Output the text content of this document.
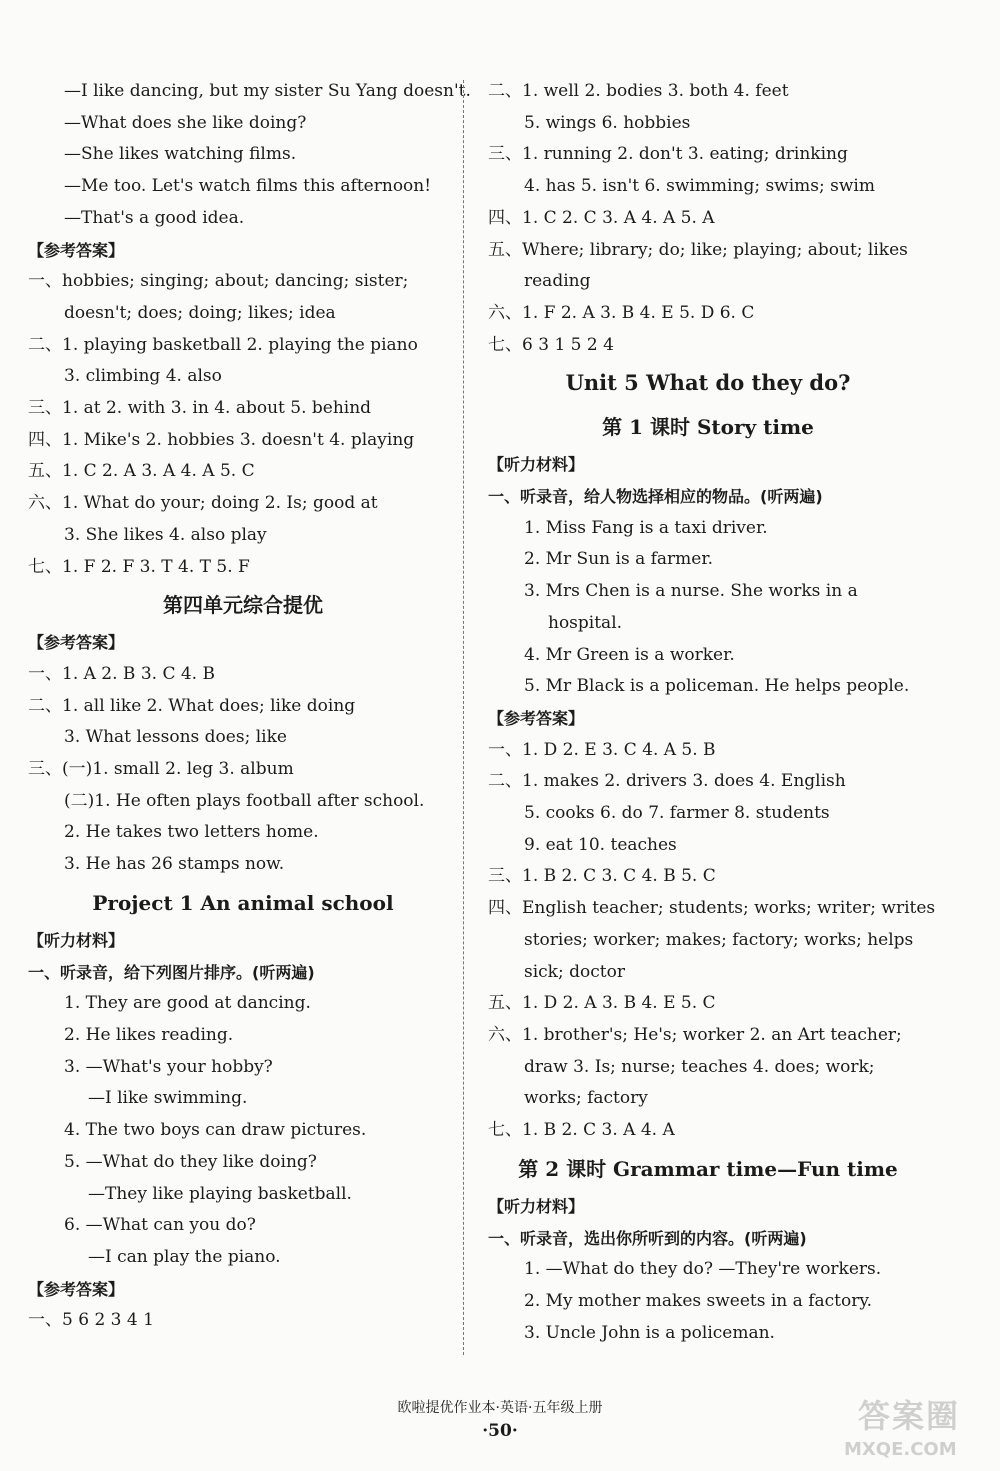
—I like dancing, but my sister Su Yang doesn't.
—What does she like doing?
—She likes watching films.
—Me too. Let's watch films this afternoon!
—That's a good idea.
【参考答案】
一、hobbies; singing; about; dancing; sister;
doesn't; does; doing; likes; idea
二、1. playing basketball 2. playing the piano
3. climbing 4. also
三、1. at 2. with 3. in 4. about 5. behind
四、1. Mike's 2. hobbies 3. doesn't 4. playing
五、1. C 2. A 3. A 4. A 5. C
六、1. What do your; doing 2. Is; good at
3. She likes 4. also play
七、1. F 2. F 3. T 4. T 5. F
第四单元综合提优
【参考答案】
一、1. A 2. B 3. C 4. B
二、1. all like 2. What does; like doing
3. What lessons does; like
三、(一)1. small 2. leg 3. album
(二)1. He often plays football after school.
2. He takes two letters home.
3. He has 26 stamps now.
Project 1 An animal school
【听力材料】
一、听录音，给下列图片排序。(听两遍)
1. They are good at dancing.
2. He likes reading.
3. —What's your hobby?
—I like swimming.
4. The two boys can draw pictures.
5. —What do they like doing?
—They like playing basketball.
6. —What can you do?
—I can play the piano.
【参考答案】
一、5 6 2 3 4 1
二、1. well 2. bodies 3. both 4. feet
5. wings 6. hobbies
三、1. running 2. don't 3. eating; drinking
4. has 5. isn't 6. swimming; swims; swim
四、1. C 2. C 3. A 4. A 5. A
五、Where; library; do; like; playing; about; likes
reading
六、1. F 2. A 3. B 4. E 5. D 6. C
七、6 3 1 5 2 4
Unit 5 What do they do?
第 1 课时 Story time
【听力材料】
一、听录音，给人物选择相应的物品。(听两遍)
1. Miss Fang is a taxi driver.
2. Mr Sun is a farmer.
3. Mrs Chen is a nurse. She works in a
hospital.
4. Mr Green is a worker.
5. Mr Black is a policeman. He helps people.
【参考答案】
一、1. D 2. E 3. C 4. A 5. B
二、1. makes 2. drivers 3. does 4. English
5. cooks 6. do 7. farmer 8. students
9. eat 10. teaches
三、1. B 2. C 3. C 4. B 5. C
四、English teacher; students; works; writer; writes
stories; worker; makes; factory; works; helps
sick; doctor
五、1. D 2. A 3. B 4. E 5. C
六、1. brother's; He's; worker 2. an Art teacher;
draw 3. Is; nurse; teaches 4. does; work;
works; factory
七、1. B 2. C 3. A 4. A
第 2 课时 Grammar time—Fun time
【听力材料】
一、听录音，选出你所听到的内容。(听两遍)
1. —What do they do? —They're workers.
2. My mother makes sweets in a factory.
3. Uncle John is a policeman.
欧啦提优作业本·英语·五年级上册
·50·	答案圈
MXQE.COM
